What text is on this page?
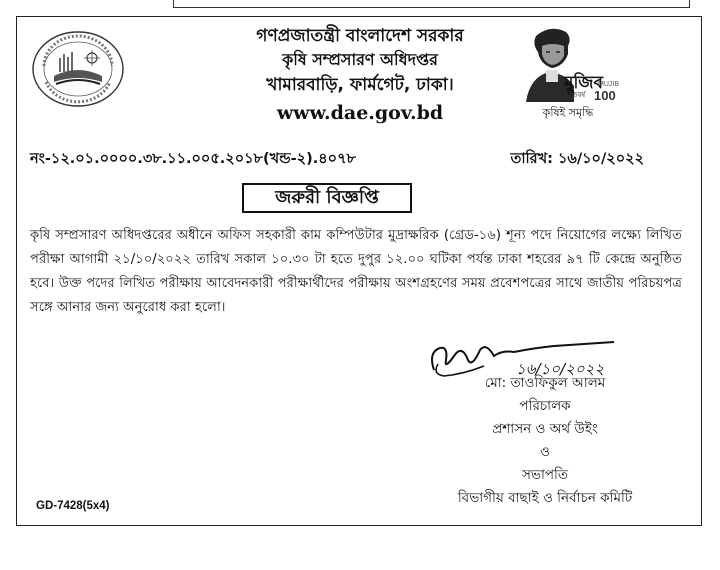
গণপ্রজাতন্ত্রী বাংলাদেশ সরকার
কৃষি সম্প্রসারণ অধিদপ্তর
খামারবাড়ি, ফার্মগেট, ঢাকা।
www.dae.gov.bd
মুজিব
MUJIB
শতবর্ষ 100
কৃষিই সমৃদ্ধি
নং-১২.০১.০০০০.৩৮.১১.০০৫.২০১৮(খন্ড-২).৪০৭৮	তারিখ: ১৬/১০/২০২২
জরুরী বিজ্ঞপ্তি
কৃষি সম্প্রসারণ অধিদপ্তরের অধীনে অফিস সহকারী কাম কম্পিউটার মুদ্রাক্ষরিক (গ্রেড-১৬) শূন্য পদে নিয়োগের লক্ষ্যে লিখিত পরীক্ষা আগামী ২১/১০/২০২২ তারিখ সকাল ১০.৩০ টা হতে দুপুর ১২.০০ ঘটিকা পর্যন্ত ঢাকা শহরের ৯৭ টি কেন্দ্রে অনুষ্ঠিত হবে। উক্ত পদের লিখিত পরীক্ষায় আবেদনকারী পরীক্ষার্থীদের পরীক্ষায় অংশগ্রহণের সময় প্রবেশপত্রের সাথে জাতীয় পরিচয়পত্র সঙ্গে আনার জন্য অনুরোধ করা হলো।
১৬/১০/২০২২
মো: তাওফিকুল আলম
পরিচালক
প্রশাসন ও অর্থ উইং
ও
সভাপতি
বিভাগীয় বাছাই ও নির্বাচন কমিটি
GD-7428(5x4)
